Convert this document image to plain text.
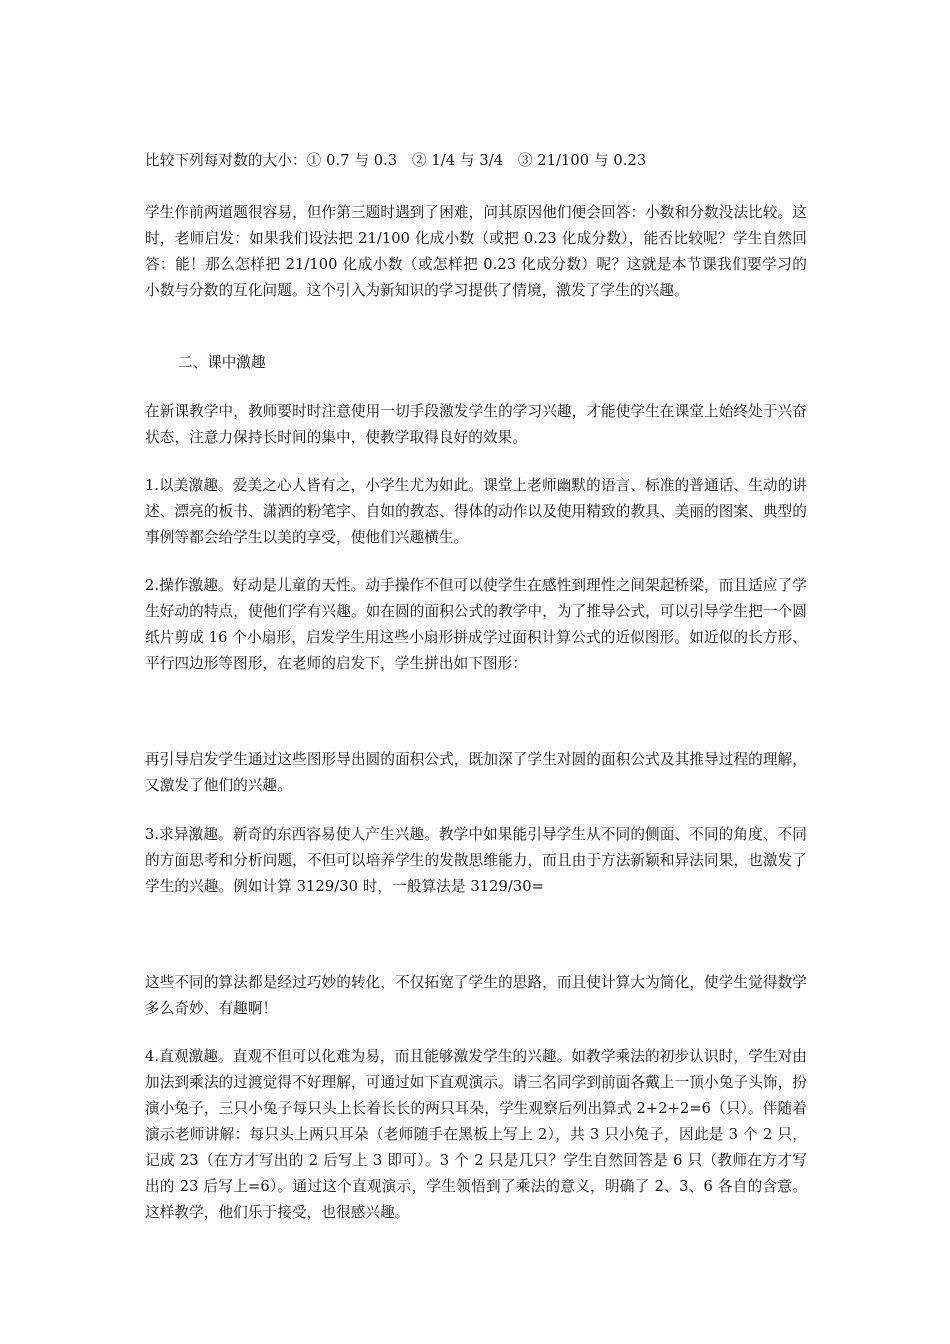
比较下列每对数的大小：① 0.7 与 0.3　② 1/4 与 3/4　③ 21/100 与 0.23

学生作前两道题很容易，但作第三题时遇到了困难，问其原因他们便会回答：小数和分数没法比较。这时，老师启发：如果我们设法把 21/100 化成小数（或把 0.23 化成分数），能否比较呢？学生自然回答：能！那么怎样把 21/100 化成小数（或怎样把 0.23 化成分数）呢？这就是本节课我们要学习的小数与分数的互化问题。这个引入为新知识的学习提供了情境，激发了学生的兴趣。

二、课中激趣

在新课教学中，教师要时时注意使用一切手段激发学生的学习兴趣，才能使学生在课堂上始终处于兴奋状态，注意力保持长时间的集中，使教学取得良好的效果。

1.以美激趣。爱美之心人皆有之，小学生尤为如此。课堂上老师幽默的语言、标准的普通话、生动的讲述、漂亮的板书、潇洒的粉笔字、自如的教态、得体的动作以及使用精致的教具、美丽的图案、典型的事例等都会给学生以美的享受，使他们兴趣横生。

2.操作激趣。好动是儿童的天性。动手操作不但可以使学生在感性到理性之间架起桥梁，而且适应了学生好动的特点，使他们学有兴趣。如在圆的面积公式的教学中，为了推导公式，可以引导学生把一个圆纸片剪成 16 个小扇形，启发学生用这些小扇形拼成学过面积计算公式的近似图形。如近似的长方形、平行四边形等图形，在老师的启发下，学生拼出如下图形：

再引导启发学生通过这些图形导出圆的面积公式，既加深了学生对圆的面积公式及其推导过程的理解，又激发了他们的兴趣。

3.求异激趣。新奇的东西容易使人产生兴趣。教学中如果能引导学生从不同的侧面、不同的角度、不同的方面思考和分析问题，不但可以培养学生的发散思维能力，而且由于方法新颖和异法同果，也激发了学生的兴趣。例如计算 3129/30 时，一般算法是 3129/30=

这些不同的算法都是经过巧妙的转化，不仅拓宽了学生的思路，而且使计算大为简化，使学生觉得数学多么奇妙、有趣啊！

4.直观激趣。直观不但可以化难为易，而且能够激发学生的兴趣。如教学乘法的初步认识时，学生对由加法到乘法的过渡觉得不好理解，可通过如下直观演示。请三名同学到前面各戴上一顶小兔子头饰，扮演小兔子，三只小兔子每只头上长着长长的两只耳朵，学生观察后列出算式 2+2+2=6（只）。伴随着演示老师讲解：每只头上两只耳朵（老师随手在黑板上写上 2），共 3 只小兔子，因此是 3 个 2 只，记成 23（在方才写出的 2 后写上 3 即可）。3 个 2 只是几只？学生自然回答是 6 只（教师在方才写出的 23 后写上=6）。通过这个直观演示，学生领悟到了乘法的意义，明确了 2、3、6 各自的含意。这样教学，他们乐于接受，也很感兴趣。
